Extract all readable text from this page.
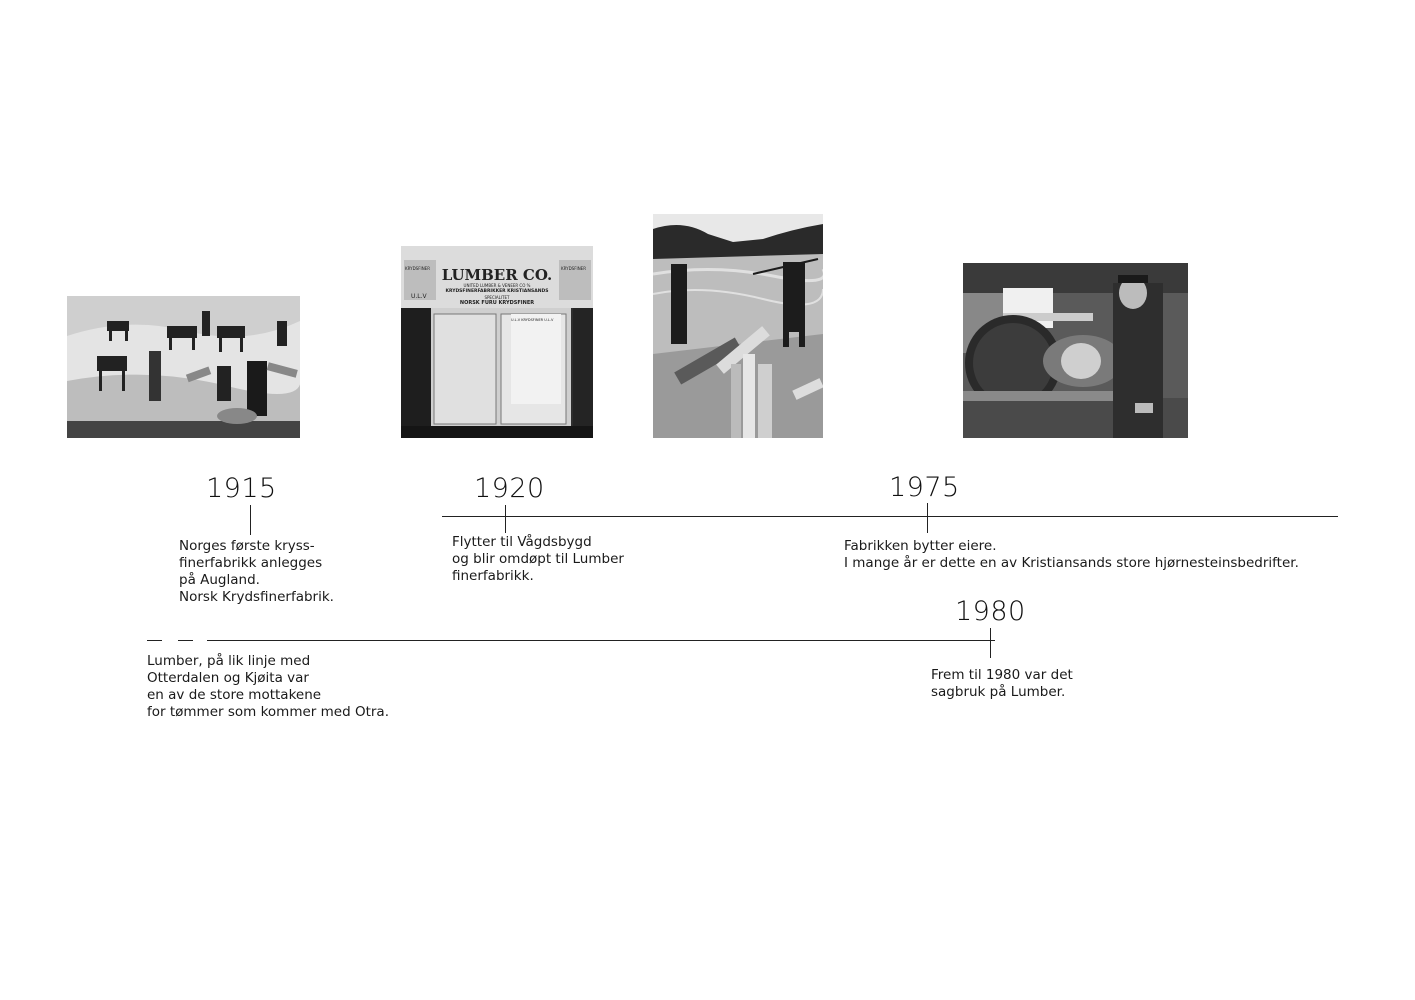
LUMBER CO.
UNITED LUMBER & VENEER CO %
KRYDSFINERFABRIKKER KRISTIANSANDS
SPECIALITET
NORSK FURU KRYDSFINER
KRYDSFINER	KRYDSFINER
U.L.V
U.L.V KRYDSFINER U.L.V
1915	1920	1975
1980
Norges første kryss-
finerfabrikk anlegges
på Augland.
Norsk Krydsfinerfabrik.
Flytter til Vågdsbygd
og blir omdøpt til Lumber
finerfabrikk.
Fabrikken bytter eiere.
I mange år er dette en av Kristiansands store hjørnesteinsbedrifter.
Frem til 1980 var det
sagbruk på Lumber.
Lumber, på lik linje med
Otterdalen og Kjøita var
en av de store mottakene
for tømmer som kommer med Otra.
